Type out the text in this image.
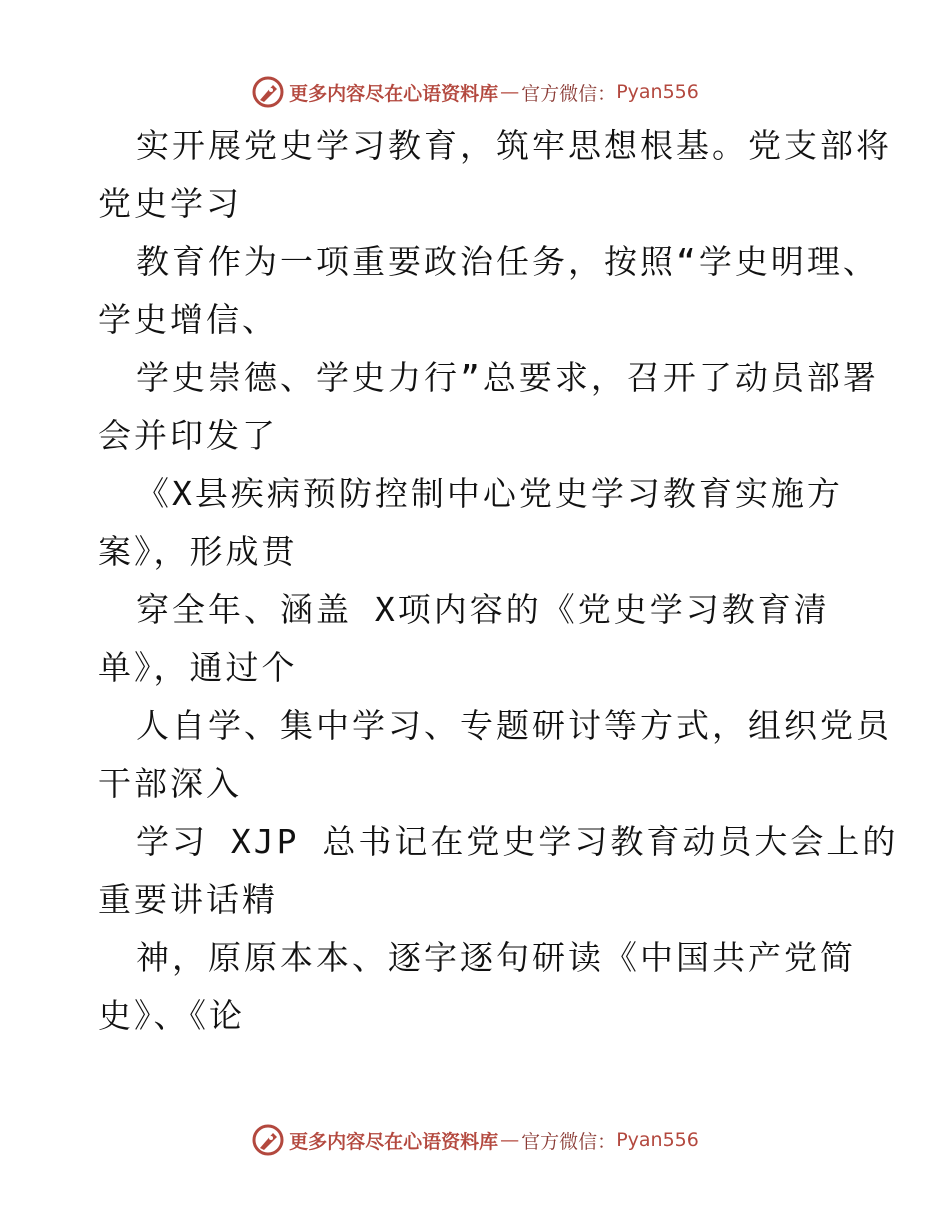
更多内容尽在心语资料库 — 官方微信： Pyan556
实开展党史学习教育，筑牢思想根基。党支部将
党史学习
教育作为一项重要政治任务，按照“学史明理、
学史增信、
学史崇德、学史力行”总要求，召开了动员部署
会并印发了
《X县疾病预防控制中心党史学习教育实施方
案》，形成贯
穿全年、涵盖 X项内容的《党史学习教育清
单》，通过个
人自学、集中学习、专题研讨等方式，组织党员
干部深入
学习 XJP 总书记在党史学习教育动员大会上的
重要讲话精
神，原原本本、逐字逐句研读《中国共产党简
史》、《论
更多内容尽在心语资料库 — 官方微信： Pyan556
